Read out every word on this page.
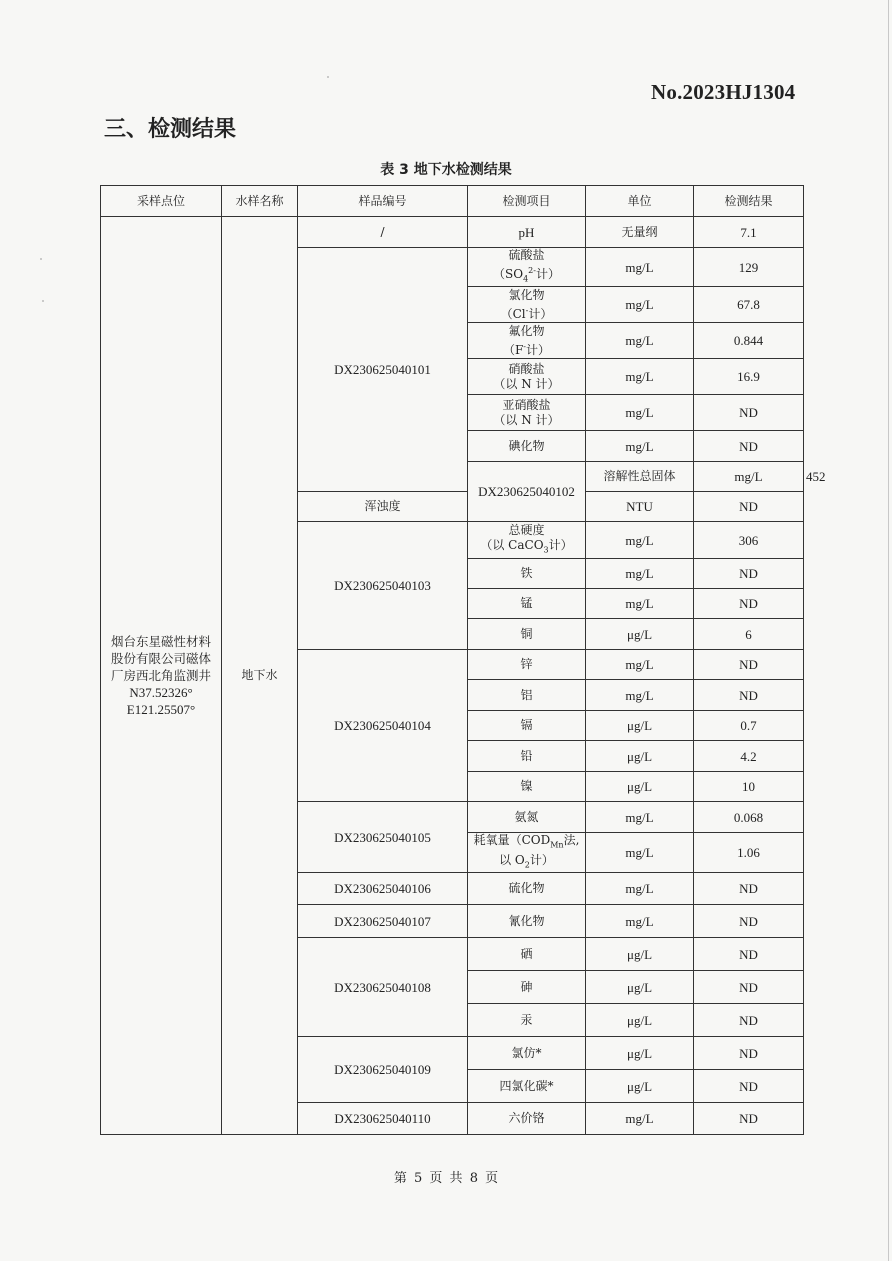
No.2023HJ1304
三、检测结果
表 3 地下水检测结果
采样点位	水样名称	样品编号	检测项目	单位	检测结果	

烟台东星磁性材料
股份有限公司磁体
厂房西北角监测井
N37.52326°
E121.25507°	地下水	/	pH	无量纲	7.1	
		DX230625040101	硫酸盐
（$SO_4^{2-}$计）	mg/L	129	

			氯化物
（Cl-计）	mg/L	67.8	

			氟化物
（F-计）	mg/L	0.844	

			硝酸盐
（以 N 计）	mg/L	16.9	

			亚硝酸盐
（以 N 计）	mg/L	ND	
			碘化物	mg/L	ND	
			DX230625040102	溶解性总固体	mg/L	452
		浑浊度		NTU	ND	
		DX230625040103	总硬度
（以 CaCO$_3$计）	mg/L	306	
			铁	mg/L	ND	
			锰	mg/L	ND	
			铜	μg/L	6	
		DX230625040104	锌	mg/L	ND	
			铝	mg/L	ND	
			镉	μg/L	0.7	
			铅	μg/L	4.2	
			镍	μg/L	10	
		DX230625040105	氨氮	mg/L	0.068	

			耗氧量（$COD_{Mn}$法,
以 $O_2$计）	mg/L	1.06	
		DX230625040106	硫化物	mg/L	ND	
		DX230625040107	氰化物	mg/L	ND	
		DX230625040108	硒	μg/L	ND	
			砷	μg/L	ND	
			汞	μg/L	ND	
		DX230625040109	氯仿*	μg/L	ND	
			四氯化碳*	μg/L	ND	
		DX230625040110	六价铬	mg/L	ND	
第 5 页 共 8 页
